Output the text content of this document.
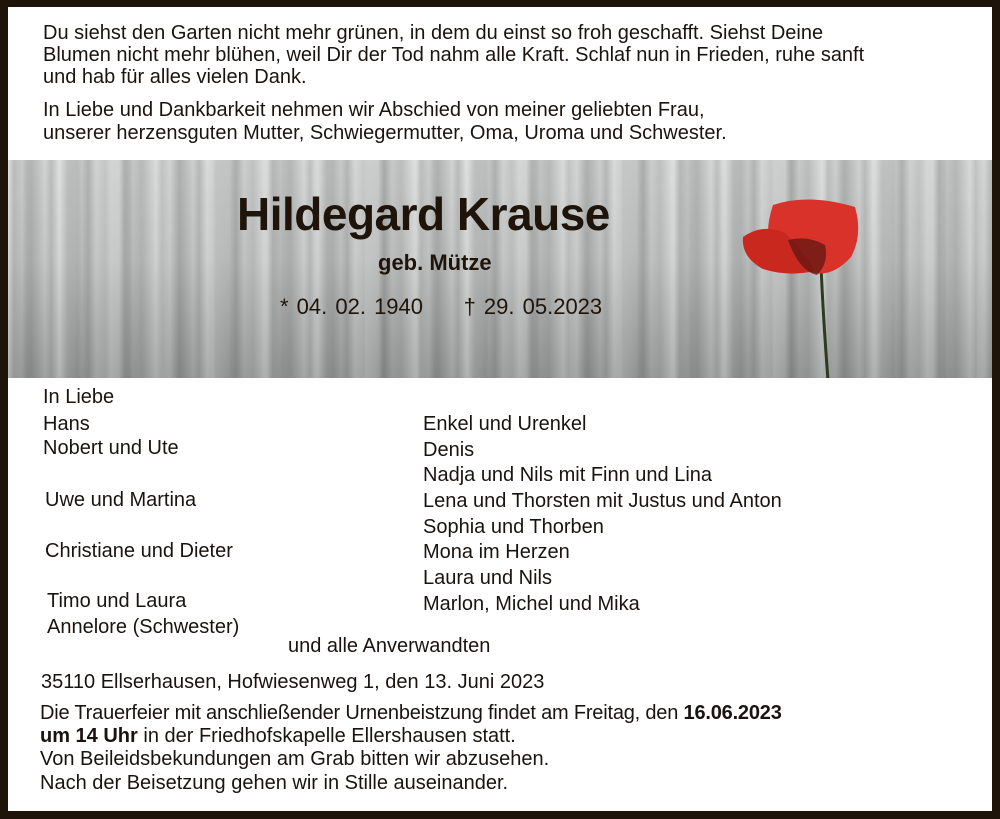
Du siehst den Garten nicht mehr grünen, in dem du einst so froh geschafft. Siehst Deine
Blumen nicht mehr blühen, weil Dir der Tod nahm alle Kraft. Schlaf nun in Frieden, ruhe sanft
und hab für alles vielen Dank.
In Liebe und Dankbarkeit nehmen wir Abschied von meiner geliebten Frau,
unserer herzensguten Mutter, Schwiegermutter, Oma, Uroma und Schwester.
Hildegard Krause
geb. Mütze
* 04. 02. 1940 † 29. 05.2023
In Liebe
Hans
Nobert und Ute
Uwe und Martina
Christiane und Dieter
Timo und Laura
Annelore (Schwester)
Enkel und Urenkel
Denis
Nadja und Nils mit Finn und Lina
Lena und Thorsten mit Justus und Anton
Sophia und Thorben
Mona im Herzen
Laura und Nils
Marlon, Michel und Mika
und alle Anverwandten
35110 Ellserhausen, Hofwiesenweg 1, den 13. Juni 2023
Die Trauerfeier mit anschließender Urnenbeistzung findet am Freitag, den 16.06.2023
um 14 Uhr in der Friedhofskapelle Ellershausen statt.
Von Beileidsbekundungen am Grab bitten wir abzusehen.
Nach der Beisetzung gehen wir in Stille auseinander.
